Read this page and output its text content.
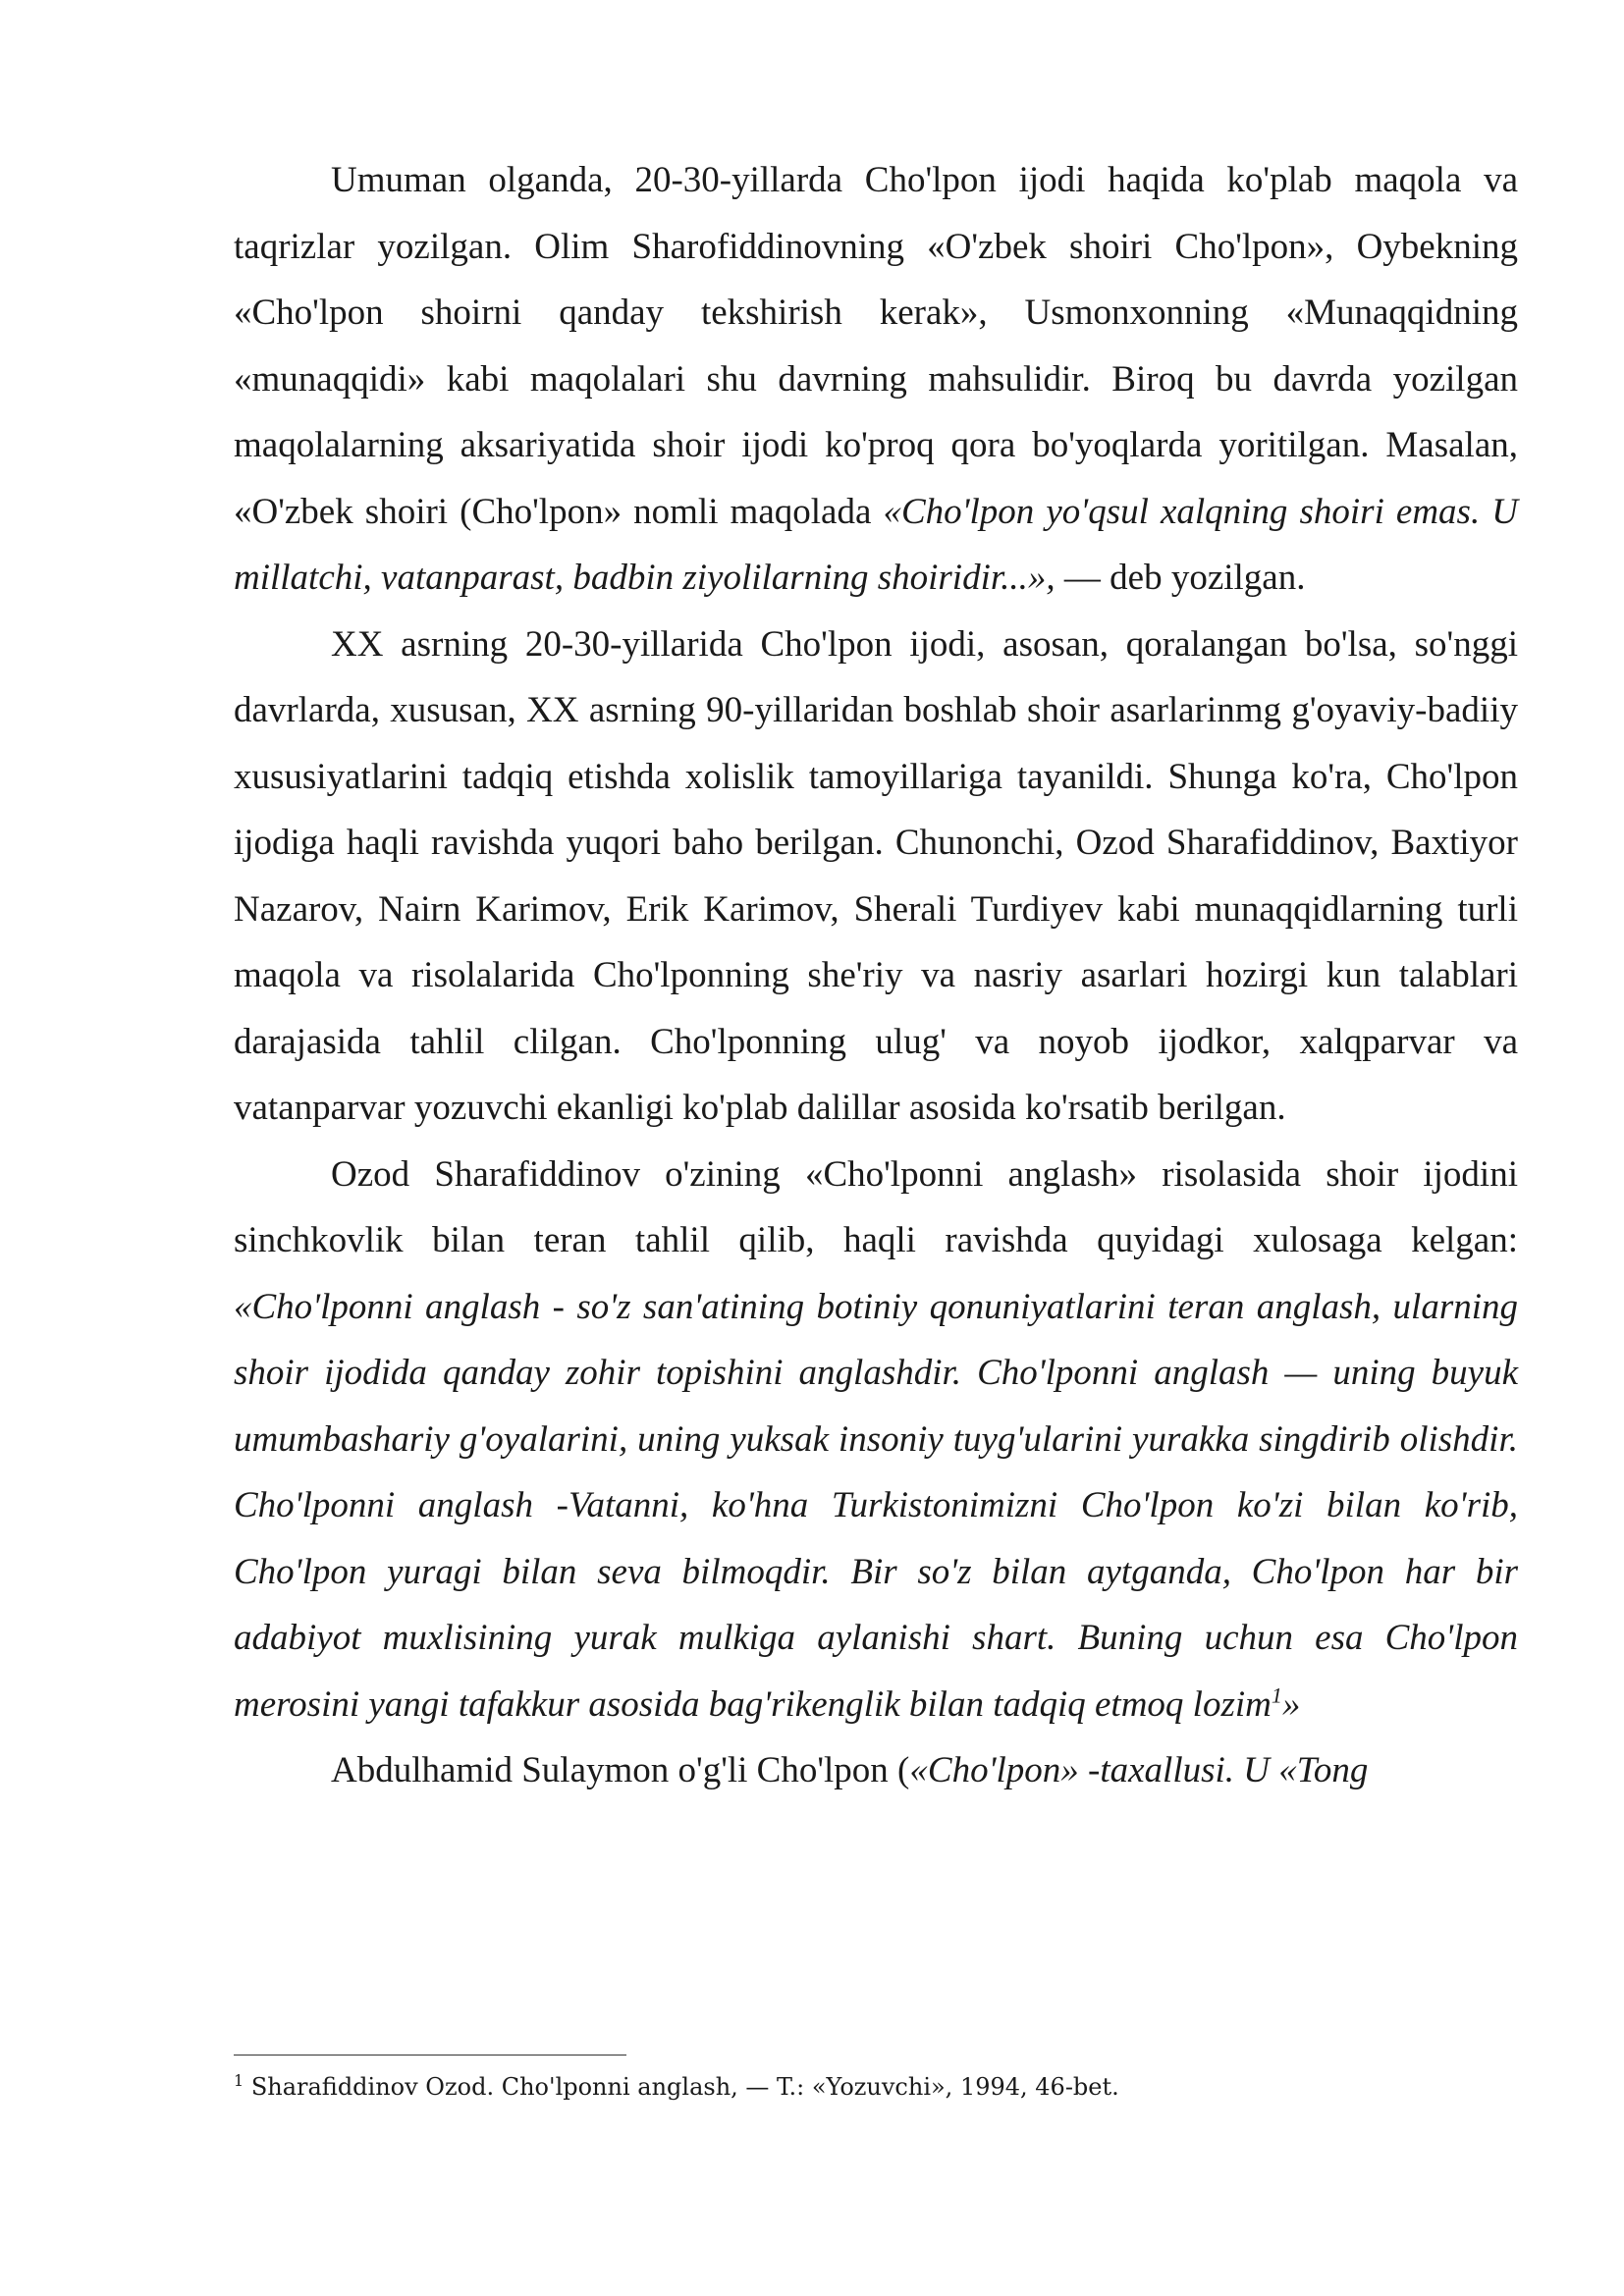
Umuman olganda, 20-30-yillarda Cho'lpon ijodi haqida ko'plab maqola va taqrizlar yozilgan. Olim Sharofiddinovning «O'zbek shoiri Cho'lpon», Oybekning «Cho'lpon shoirni qanday tekshirish kerak», Usmonxonning «Munaqqidning «munaqqidi» kabi maqolalari shu davrning mahsulidir. Biroq bu davrda yozilgan maqolalarning aksariyatida shoir ijodi ko'proq qora bo'yoqlarda yoritilgan. Masalan, «O'zbek shoiri (Cho'lpon» nomli maqolada «Cho'lpon yo'qsul xalqning shoiri emas. U millatchi, vatanparast, badbin ziyolilarning shoiridir...», — deb yozilgan.

XX asrning 20-30-yillarida Cho'lpon ijodi, asosan, qoralangan bo'lsa, so'nggi davrlarda, xususan, XX asrning 90-yillaridan boshlab shoir asarlarinmg g'oyaviy-badiiy xususiyatlarini tadqiq etishda xolislik tamoyillariga tayanildi. Shunga ko'ra, Cho'lpon ijodiga haqli ravishda yuqori baho berilgan. Chunonchi, Ozod Sharafiddinov, Baxtiyor Nazarov, Nairn Karimov, Erik Karimov, Sherali Turdiyev kabi munaqqidlarning turli maqola va risolalarida Cho'lponning she'riy va nasriy asarlari hozirgi kun talablari darajasida tahlil clilgan. Cho'lponning ulug' va noyob ijodkor, xalqparvar va vatanparvar yozuvchi ekanligi ko'plab dalillar asosida ko'rsatib berilgan.

Ozod Sharafiddinov o'zining «Cho'lponni anglash» risolasida shoir ijodini sinchkovlik bilan teran tahlil qilib, haqli ravishda quyidagi xulosaga kelgan: «Cho'lponni anglash - so'z san'atining botiniy qonuniyatlarini teran anglash, ularning shoir ijodida qanday zohir topishini anglashdir. Cho'lponni anglash — uning buyuk umumbashariy g'oyalarini, uning yuksak insoniy tuyg'ularini yurakka singdirib olishdir. Cho'lponni anglash -Vatanni, ko'hna Turkistonimizni Cho'lpon ko'zi bilan ko'rib, Cho'lpon yuragi bilan seva bilmoqdir. Bir so'z bilan aytganda, Cho'lpon har bir adabiyot muxlisining yurak mulkiga aylanishi shart. Buning uchun esa Cho'lpon merosini yangi tafakkur asosida bag'rikenglik bilan tadqiq etmoq lozim$^1$»

Abdulhamid Sulaymon o'g'li Cho'lpon («Cho'lpon» -taxallusi. U «Tong

$^1$ Sharafiddinov Ozod. Cho'lponni anglash, — T.: «Yozuvchi», 1994, 46-bet.
